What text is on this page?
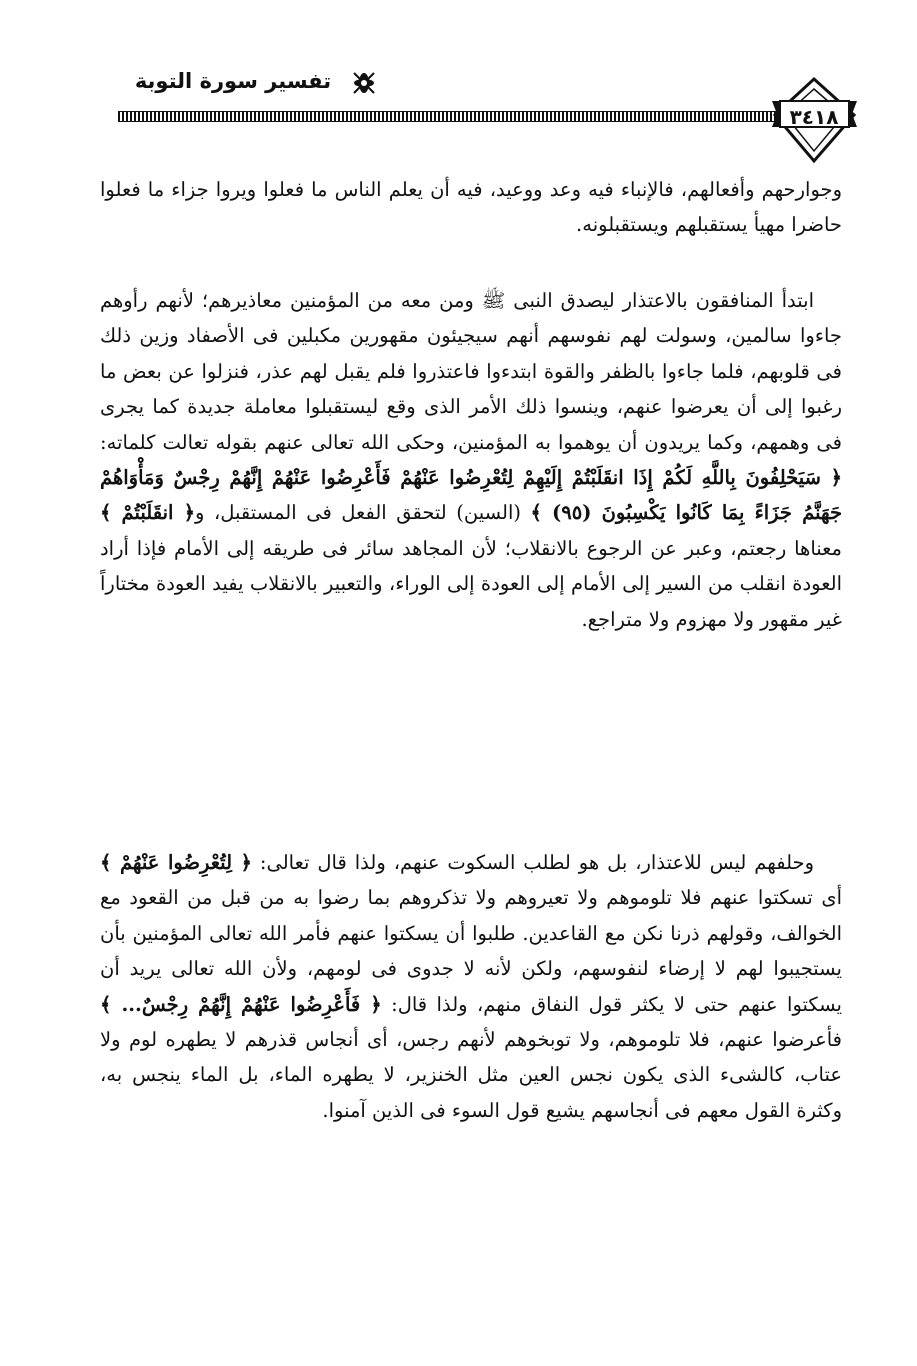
تفسير سورة التوبة
٣٤١٨

وجوارحهم وأفعالهم، فالإنباء فيه وعد ووعيد، فيه أن يعلم الناس ما فعلوا ويروا جزاء ما فعلوا حاضرا مهيأ يستقبلهم ويستقبلونه.

ابتدأ المنافقون بالاعتذار ليصدق النبى ﷺ ومن معه من المؤمنين معاذيرهم؛ لأنهم رأوهم جاءوا سالمين، وسولت لهم نفوسهم أنهم سيجيئون مقهورين مكبلين فى الأصفاد وزين ذلك فى قلوبهم، فلما جاءوا بالظفر والقوة ابتدءوا فاعتذروا فلم يقبل لهم عذر، فنزلوا عن بعض ما رغبوا إلى أن يعرضوا عنهم، وينسوا ذلك الأمر الذى وقع ليستقبلوا معاملة جديدة كما يجرى فى وهمهم، وكما يريدون أن يوهموا به المؤمنين، وحكى الله تعالى عنهم بقوله تعالت كلماته: ﴿ سَيَحْلِفُونَ بِاللَّهِ لَكُمْ إِذَا انقَلَبْتُمْ إِلَيْهِمْ لِتُعْرِضُوا عَنْهُمْ فَأَعْرِضُوا عَنْهُمْ إِنَّهُمْ رِجْسٌ وَمَأْوَاهُمْ جَهَنَّمُ جَزَاءً بِمَا كَانُوا يَكْسِبُونَ (٩٥) ﴾ (السين) لتحقق الفعل فى المستقبل، و﴿ انقَلَبْتُمْ ﴾ معناها رجعتم، وعبر عن الرجوع بالانقلاب؛ لأن المجاهد سائر فى طريقه إلى الأمام فإذا أراد العودة انقلب من السير إلى الأمام إلى العودة إلى الوراء، والتعبير بالانقلاب يفيد العودة مختاراً غير مقهور ولا مهزوم ولا متراجع.

وحلفهم ليس للاعتذار، بل هو لطلب السكوت عنهم، ولذا قال تعالى: ﴿ لِتُعْرِضُوا عَنْهُمْ ﴾ أى تسكتوا عنهم فلا تلوموهم ولا تعيروهم ولا تذكروهم بما رضوا به من قبل من القعود مع الخوالف، وقولهم ذرنا نكن مع القاعدين. طلبوا أن يسكتوا عنهم فأمر الله تعالى المؤمنين بأن يستجيبوا لهم لا إرضاء لنفوسهم، ولكن لأنه لا جدوى فى لومهم، ولأن الله تعالى يريد أن يسكتوا عنهم حتى لا يكثر قول النفاق منهم، ولذا قال: ﴿ فَأَعْرِضُوا عَنْهُمْ إِنَّهُمْ رِجْسٌ... ﴾ فأعرضوا عنهم، فلا تلوموهم، ولا توبخوهم لأنهم رجس، أى أنجاس قذرهم لا يطهره لوم ولا عتاب، كالشىء الذى يكون نجس العين مثل الخنزير، لا يطهره الماء، بل الماء ينجس به، وكثرة القول معهم فى أنجاسهم يشيع قول السوء فى الذين آمنوا.
